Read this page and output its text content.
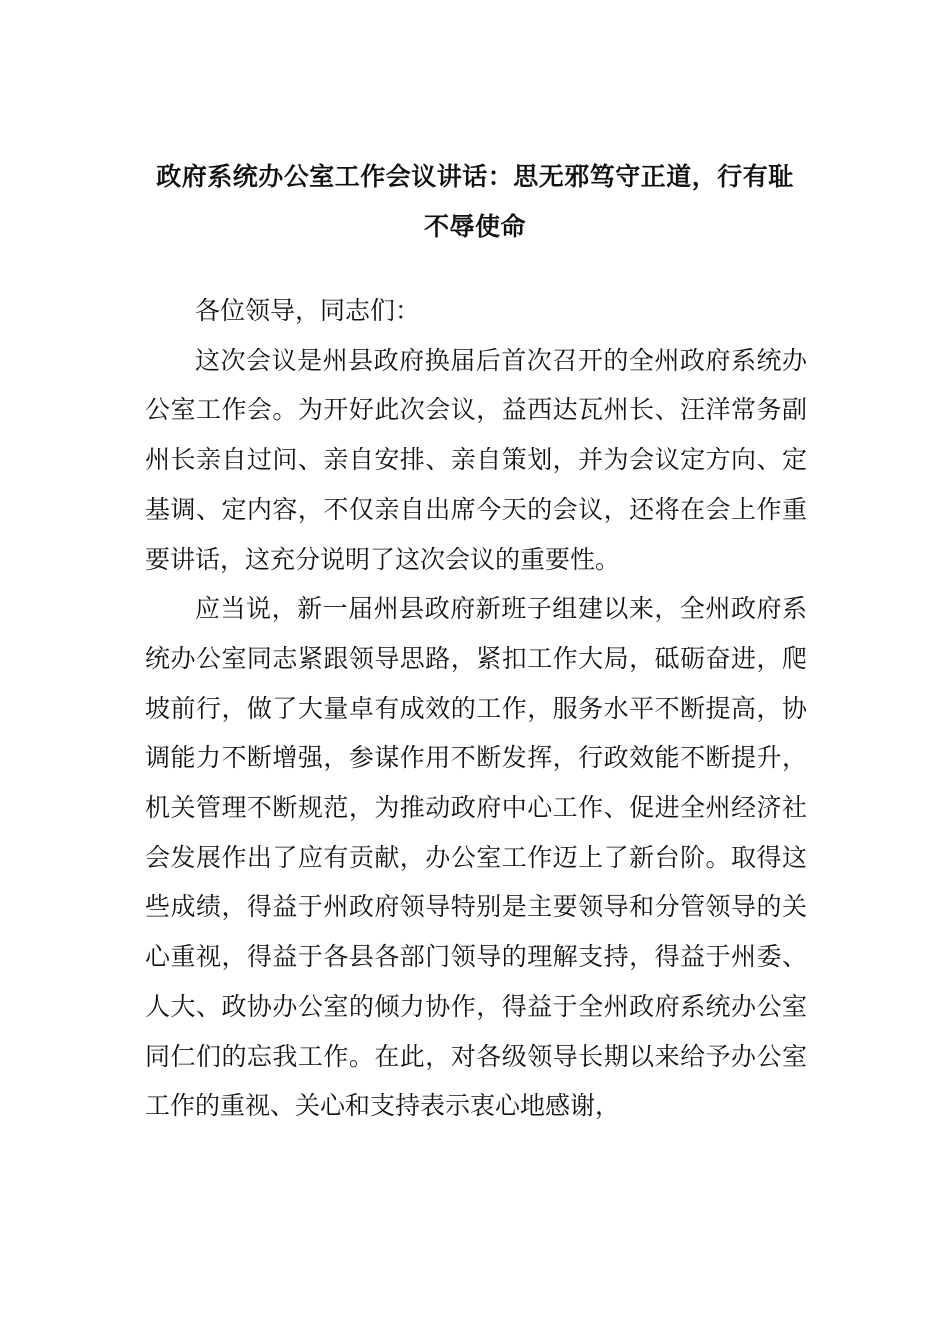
政府系统办公室工作会议讲话：思无邪笃守正道，行有耻不辱使命

各位领导，同志们：

这次会议是州县政府换届后首次召开的全州政府系统办公室工作会。为开好此次会议，益西达瓦州长、汪洋常务副州长亲自过问、亲自安排、亲自策划，并为会议定方向、定基调、定内容，不仅亲自出席今天的会议，还将在会上作重要讲话，这充分说明了这次会议的重要性。

应当说，新一届州县政府新班子组建以来，全州政府系统办公室同志紧跟领导思路，紧扣工作大局，砥砺奋进，爬坡前行，做了大量卓有成效的工作，服务水平不断提高，协调能力不断增强，参谋作用不断发挥，行政效能不断提升，机关管理不断规范，为推动政府中心工作、促进全州经济社会发展作出了应有贡献，办公室工作迈上了新台阶。取得这些成绩，得益于州政府领导特别是主要领导和分管领导的关心重视，得益于各县各部门领导的理解支持，得益于州委、人大、政协办公室的倾力协作，得益于全州政府系统办公室同仁们的忘我工作。在此，对各级领导长期以来给予办公室工作的重视、关心和支持表示衷心地感谢，
